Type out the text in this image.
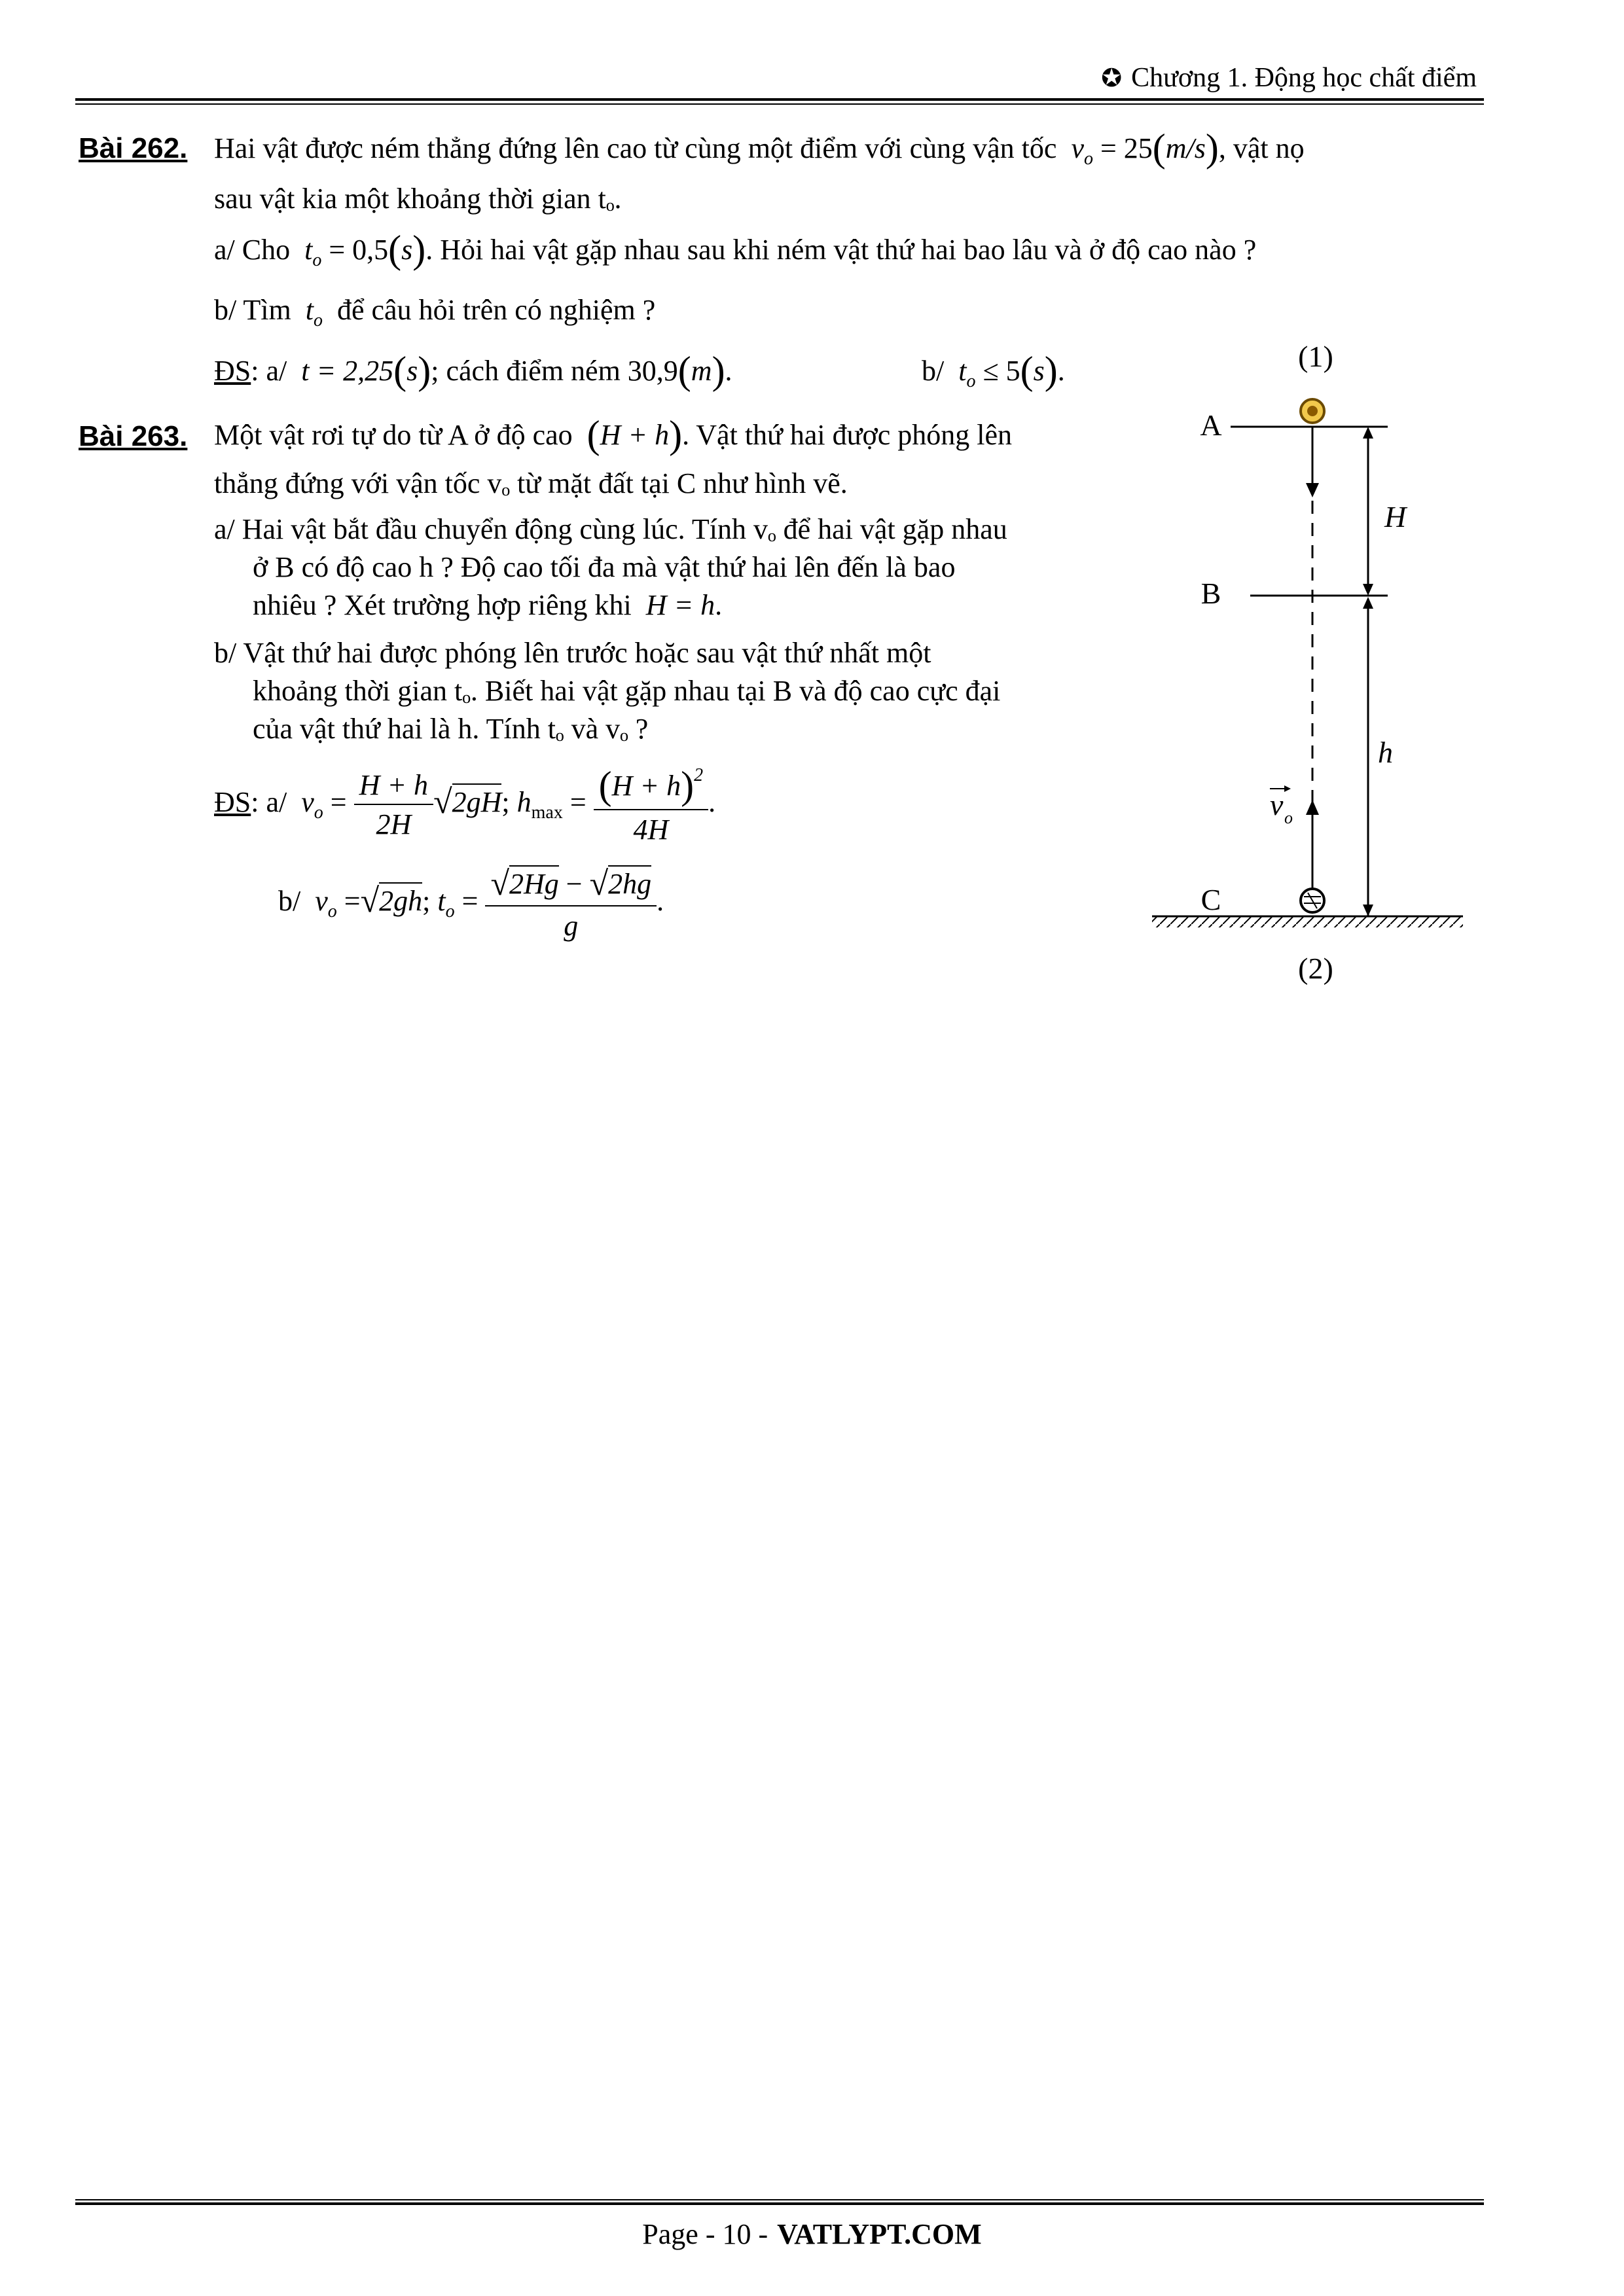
✪ Chương 1. Động học chất điểm
Bài 262. Hai vật được ném thẳng đứng lên cao từ cùng một điểm với cùng vận tốc $v_o = 25(m/s)$, vật nọ
sau vật kia một khoảng thời gian tₒ.
a/ Cho $t_o = 0,5(s)$. Hỏi hai vật gặp nhau sau khi ném vật thứ hai bao lâu và ở độ cao nào ?
b/ Tìm $t_o$ để câu hỏi trên có nghiệm ?
ĐS: a/ t = 2,25(s); cách điểm ném 30,9(m).	b/ $t_o \le 5(s)$.
Bài 263. Một vật rơi tự do từ A ở độ cao (H + h). Vật thứ hai được phóng lên
thẳng đứng với vận tốc vₒ từ mặt đất tại C như hình vẽ.
a/ Hai vật bắt đầu chuyển động cùng lúc. Tính vₒ để hai vật gặp nhau
ở B có độ cao h ? Độ cao tối đa mà vật thứ hai lên đến là bao
nhiêu ? Xét trường hợp riêng khi H = h.
b/ Vật thứ hai được phóng lên trước hoặc sau vật thứ nhất một
khoảng thời gian tₒ. Biết hai vật gặp nhau tại B và độ cao cực đại
của vật thứ hai là h. Tính tₒ và vₒ ?
ĐS: a/ $v_o = \frac{H + h}{2H} √2gH$; $h_{max} = \frac{(H + h)^2}{4H}$ .
b/ $v_o =√2gh$; $t_o = \frac{√2Hg - √2hg}{g}$ .
(1)
A
B
H
h
v o
C
(2)
Page - 10 - VATLYPT.COM
